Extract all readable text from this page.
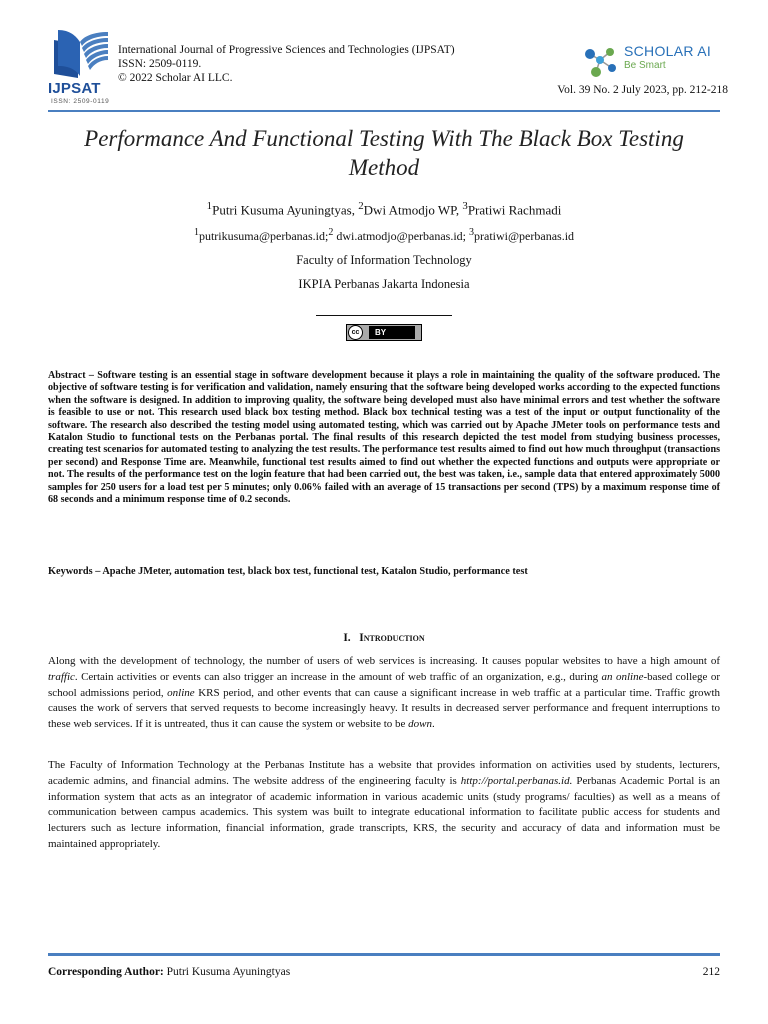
IJPSAT
ISSN: 2509-0119
International Journal of Progressive Sciences and Technologies (IJPSAT)
ISSN: 2509-0119.
© 2022 Scholar AI LLC.
SCHOLAR AI
Be Smart
Vol. 39 No. 2 July 2023, pp. 212-218
Performance And Functional Testing With The Black Box Testing Method
$^1$Putri Kusuma Ayuningtyas, $^2$Dwi Atmodjo WP, $^3$Pratiwi Rachmadi
$^1$putrikusuma@perbanas.id;$^2$ dwi.atmodjo@perbanas.id; $^3$pratiwi@perbanas.id
Faculty of Information Technology
IKPIA Perbanas Jakarta Indonesia
cc	BY
Abstract – Software testing is an essential stage in software development because it plays a role in maintaining the quality of the software produced. The objective of software testing is for verification and validation, namely ensuring that the software being developed works according to the expected functions when the software is designed. In addition to improving quality, the software being developed must also have minimal errors and test whether the software is feasible to use or not. This research used black box testing method. Black box technical testing was a test of the input or output functionality of the software. The research also described the testing model using automated testing, which was carried out by Apache JMeter tools on performance tests and Katalon Studio to functional tests on the Perbanas portal. The final results of this research depicted the test model from studying business processes, creating test scenarios for automated testing to analyzing the test results. The performance test results aimed to find out how much throughput (transactions per second) and Response Time are. Meanwhile, functional test results aimed to find out whether the expected functions and outputs were appropriate or not. The results of the performance test on the login feature that had been carried out, the best was taken, i.e., sample data that entered approximately 5000 samples for 250 users for a load test per 5 minutes; only 0.06% failed with an average of 15 transactions per second (TPS) by a maximum response time of 68 seconds and a minimum response time of 0.2 seconds.
Keywords – Apache JMeter, automation test, black box test, functional test, Katalon Studio, performance test
I. Introduction
Along with the development of technology, the number of users of web services is increasing. It causes popular websites to have a high amount of traffic. Certain activities or events can also trigger an increase in the amount of web traffic of an organization, e.g., during an online-based college or school admissions period, online KRS period, and other events that can cause a significant increase in web traffic at a particular time. Traffic growth causes the work of servers that served requests to become increasingly heavy. It results in decreased server performance and frequent interruptions to these web services. If it is untreated, thus it can cause the system or website to be down.
The Faculty of Information Technology at the Perbanas Institute has a website that provides information on activities used by students, lecturers, academic admins, and financial admins. The website address of the engineering faculty is http://portal.perbanas.id. Perbanas Academic Portal is an information system that acts as an integrator of academic information in various academic units (study programs/ faculties) as well as a means of communication between campus academics. This system was built to integrate educational information to facilitate public access for students and lecturers such as lecture information, financial information, grade transcripts, KRS, the security and accuracy of data and information must be maintained appropriately.
Corresponding Author: Putri Kusuma Ayuningtyas	212
